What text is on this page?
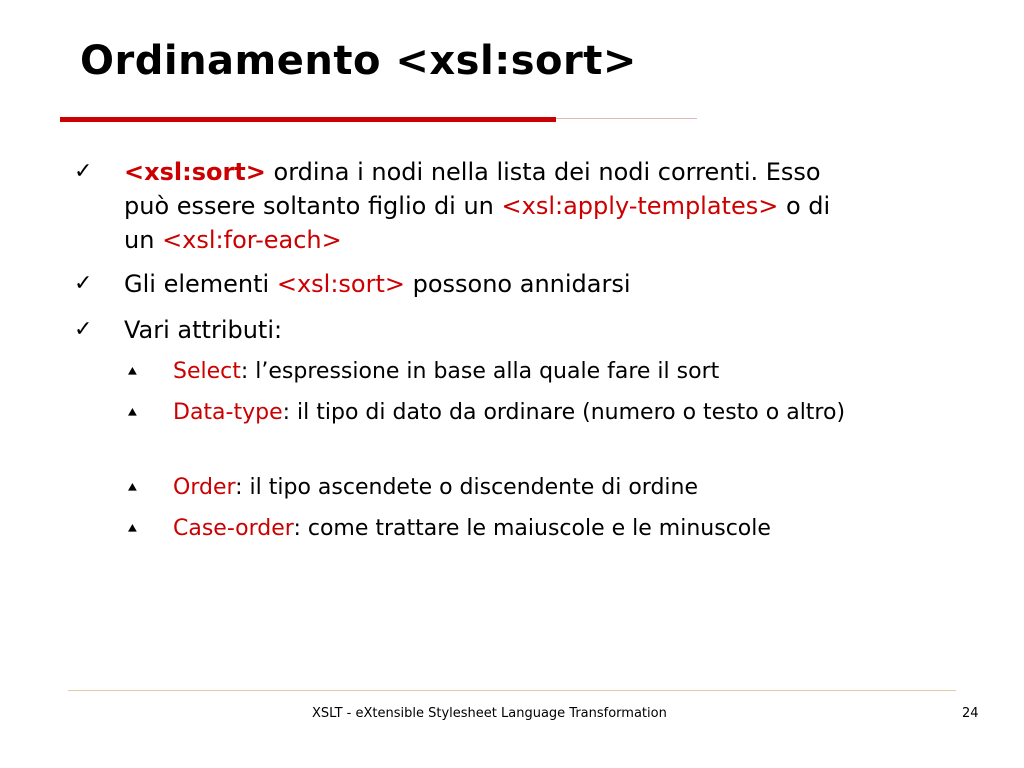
Ordinamento <xsl:sort>
✓ <xsl:sort> ordina i nodi nella lista dei nodi correnti. Esso può essere soltanto figlio di un <xsl:apply-templates> o di un <xsl:for-each>
✓ Gli elementi <xsl:sort> possono annidarsi
✓ Vari attributi:
⯅ Select: l’espressione in base alla quale fare il sort
⯅ Data-type: il tipo di dato da ordinare (numero o testo o altro)
⯅ Order: il tipo ascendete o discendente di ordine
⯅ Case-order: come trattare le maiuscole e le minuscole
XSLT - eXtensible Stylesheet Language Transformation	24
